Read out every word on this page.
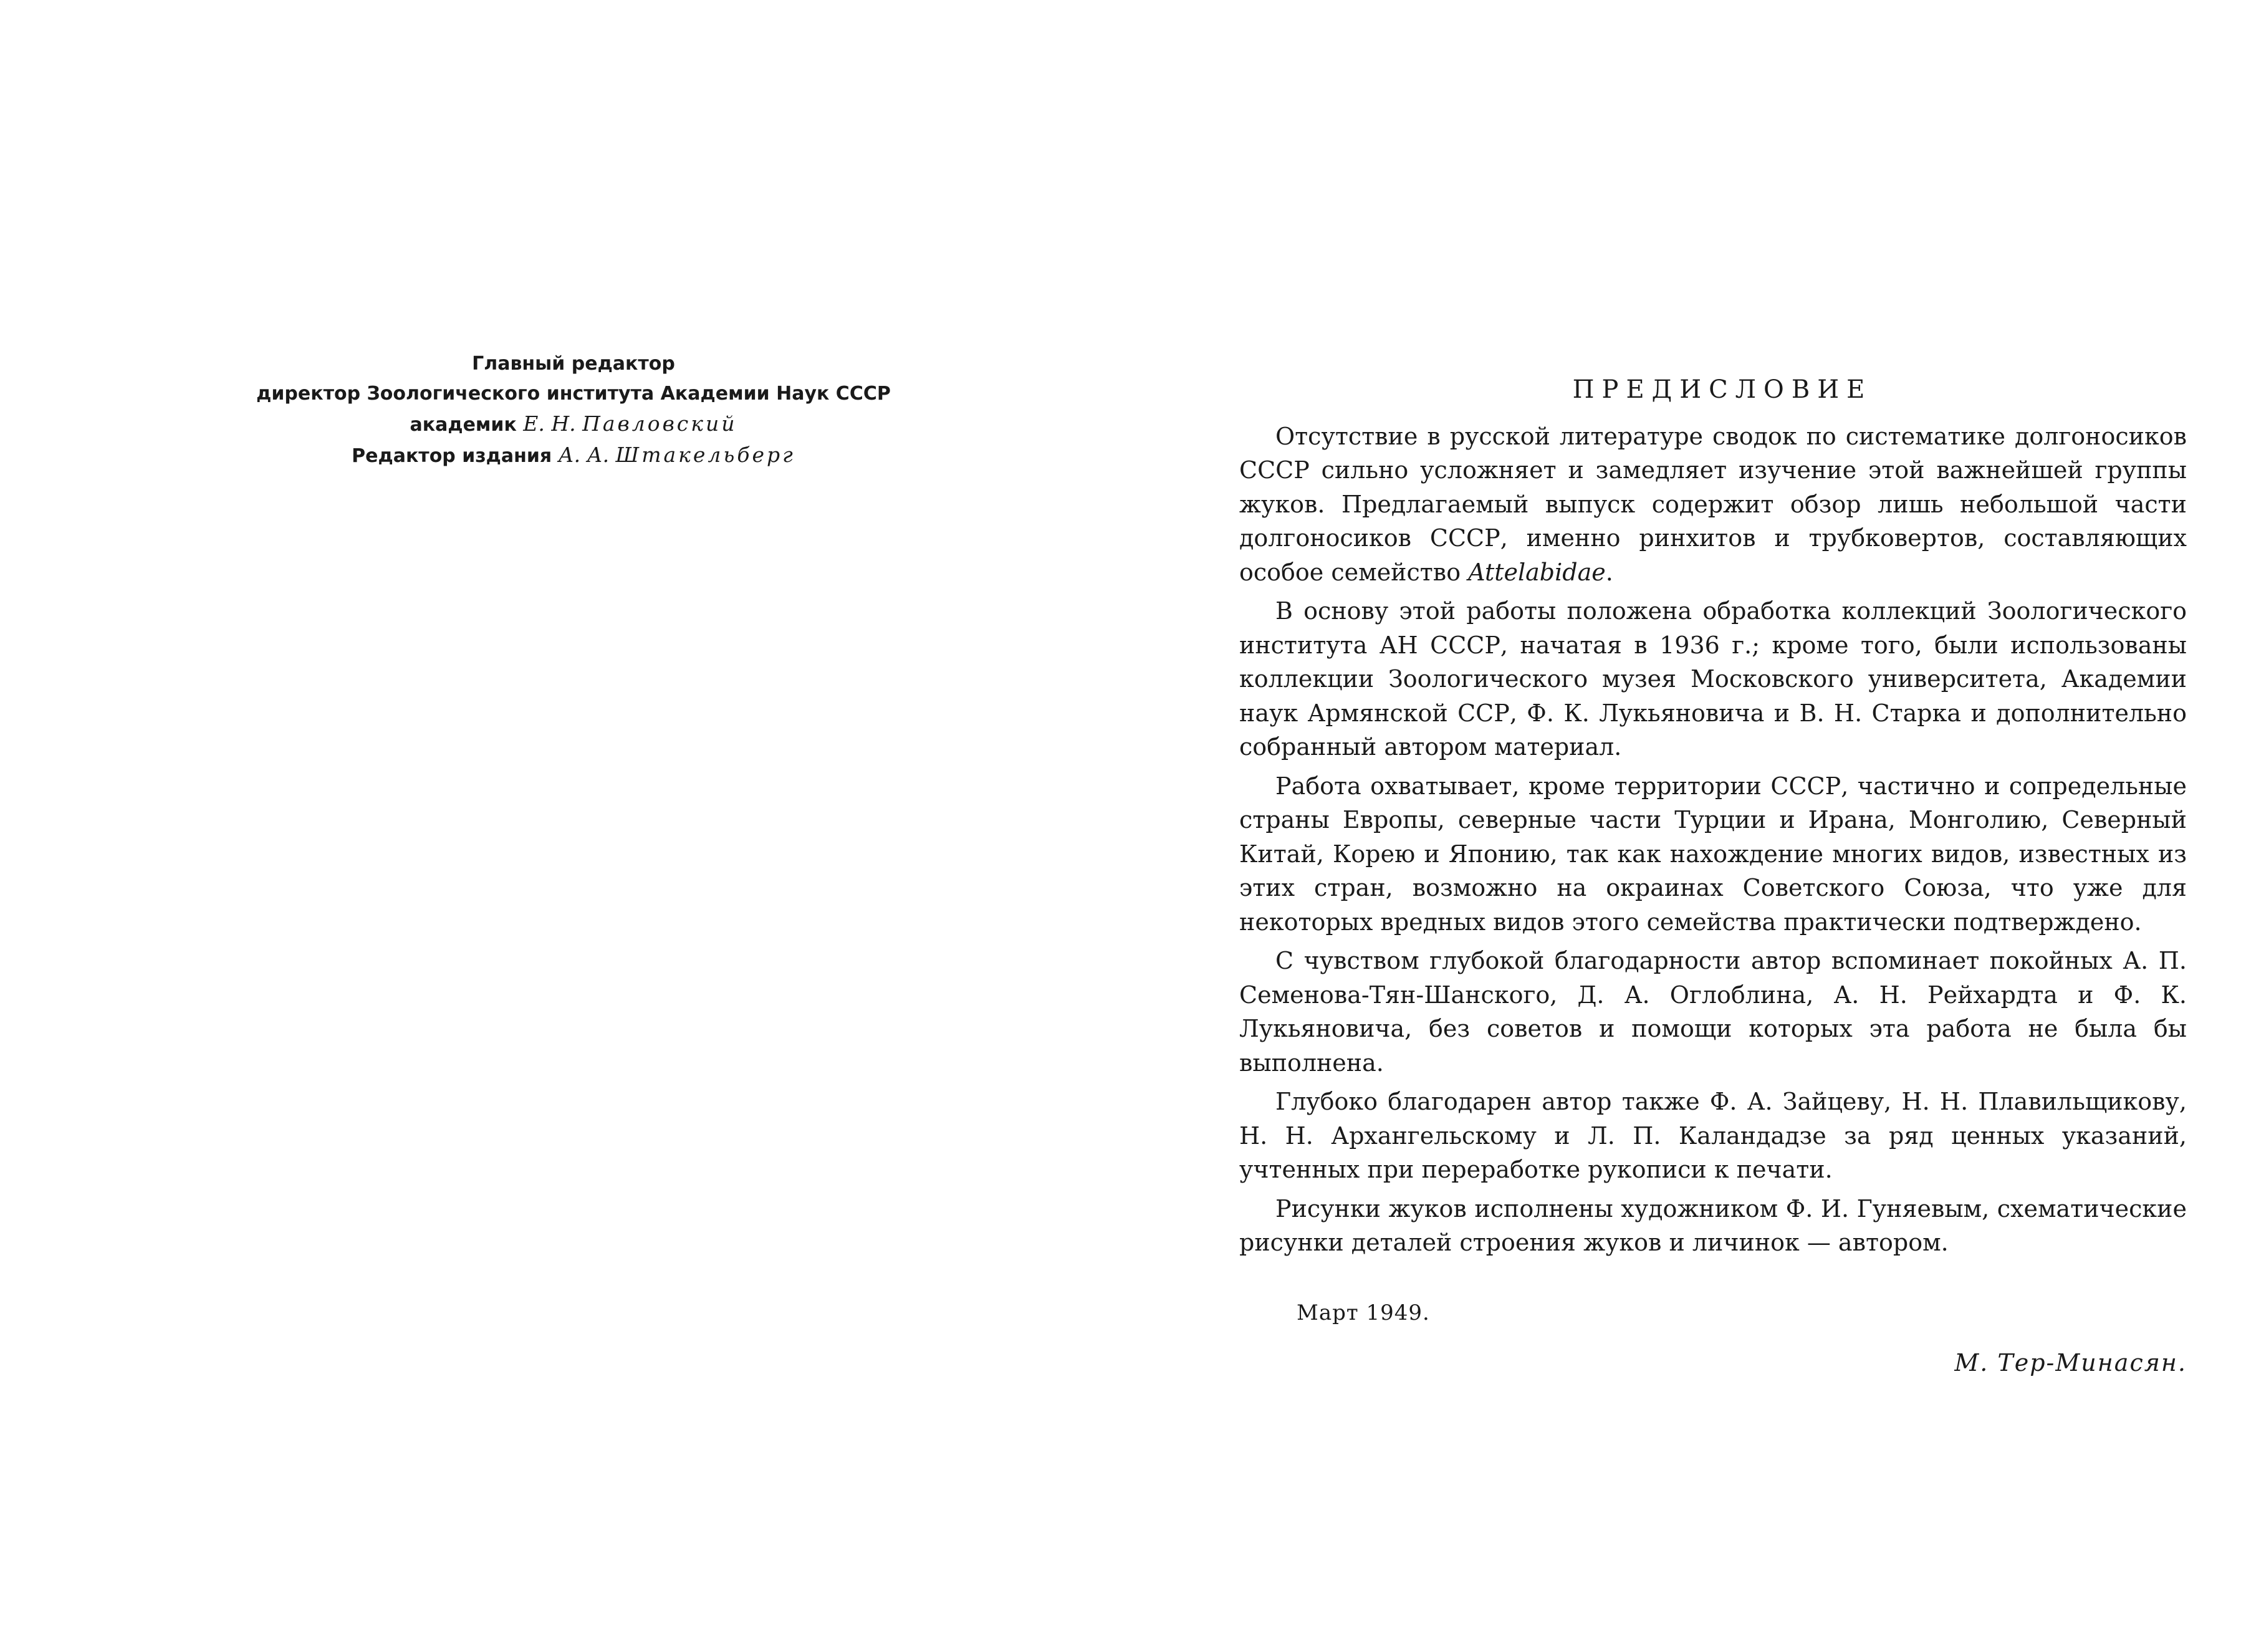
Главный редактор
директор Зоологического института Академии Наук СССР
академик Е. Н. Павловский
Редактор издания А. А. Штакельберг
ПРЕДИСЛОВИЕ

Отсутствие в русской литературе сводок по систематике долгоносиков СССР сильно усложняет и замедляет изучение этой важнейшей группы жуков. Предлагаемый выпуск содержит обзор лишь небольшой части долгоносиков СССР, именно ринхитов и трубковертов, составляющих особое семейство Attelabidae.

В основу этой работы положена обработка коллекций Зоологического института АН СССР, начатая в 1936 г.; кроме того, были использованы коллекции Зоологического музея Московского университета, Академии наук Армянской ССР, Ф. К. Лукьяновича и В. Н. Старка и дополнительно собранный автором материал.

Работа охватывает, кроме территории СССР, частично и сопредельные страны Европы, северные части Турции и Ирана, Монголию, Северный Китай, Корею и Японию, так как нахождение многих видов, известных из этих стран, возможно на окраинах Советского Союза, что уже для некоторых вредных видов этого семейства практически подтверждено.

С чувством глубокой благодарности автор вспоминает покойных А. П. Семенова-Тян-Шанского, Д. А. Оглоблина, А. Н. Рейхардта и Ф. К. Лукьяновича, без советов и помощи которых эта работа не была бы выполнена.

Глубоко благодарен автор также Ф. А. Зайцеву, Н. Н. Плавильщикову, Н. Н. Архангельскому и Л. П. Каландадзе за ряд ценных указаний, учтенных при переработке рукописи к печати.

Рисунки жуков исполнены художником Ф. И. Гуняевым, схематические рисунки деталей строения жуков и личинок — автором.

Март 1949.
М. Тер-Минасян.
